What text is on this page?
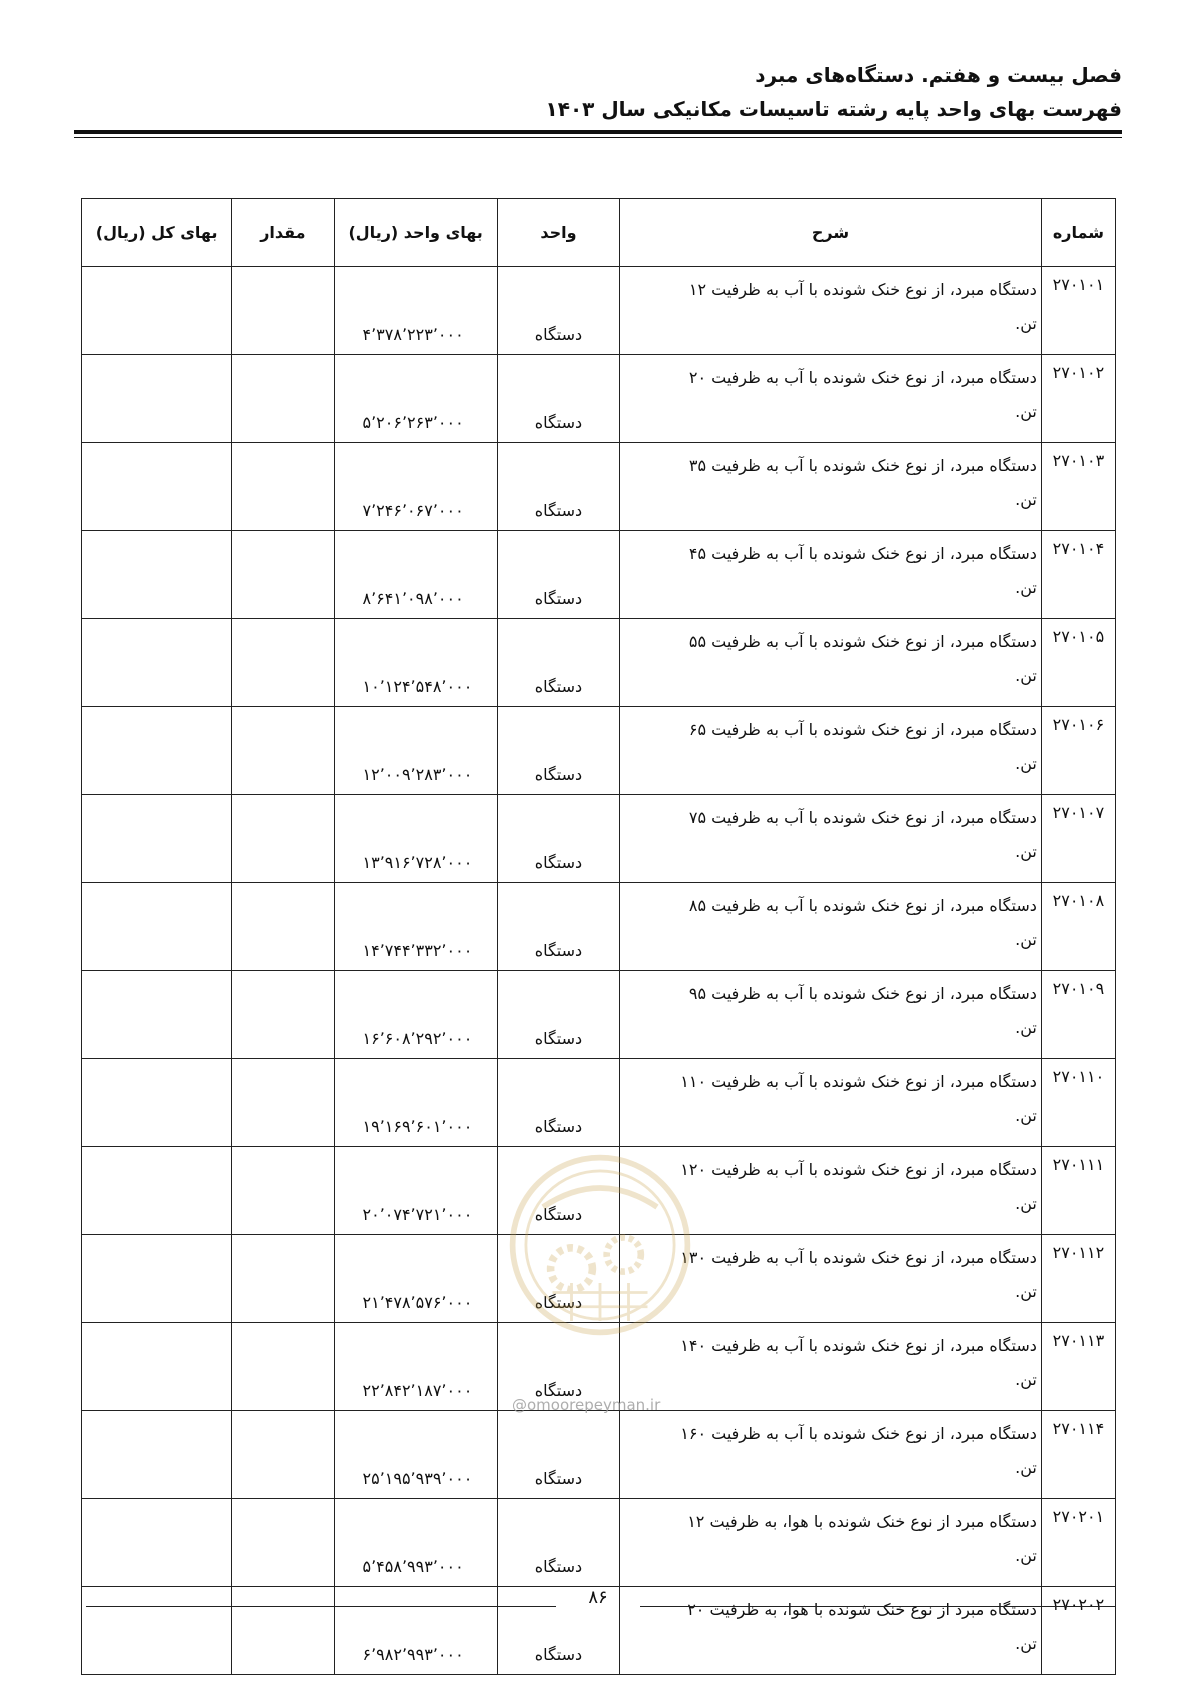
فصل بیست و هفتم. دستگاه‌های مبرد
فهرست بهای واحد پایه رشته تاسیسات مکانیکی سال ۱۴۰۳
شماره	شرح	واحد	بهای واحد (ریال)	مقدار	بهای کل (ریال)
۲۷۰۱۰۱	دستگاه مبرد، از نوع خنک شونده با آب به ظرفیت ۱۲
تن.	دستگاه	۴٬۳۷۸٬۲۲۳٬۰۰۰		
۲۷۰۱۰۲	دستگاه مبرد، از نوع خنک شونده با آب به ظرفیت ۲۰
تن.	دستگاه	۵٬۲۰۶٬۲۶۳٬۰۰۰		
۲۷۰۱۰۳	دستگاه مبرد، از نوع خنک شونده با آب به ظرفیت ۳۵
تن.	دستگاه	۷٬۲۴۶٬۰۶۷٬۰۰۰		
۲۷۰۱۰۴	دستگاه مبرد، از نوع خنک شونده با آب به ظرفیت ۴۵
تن.	دستگاه	۸٬۶۴۱٬۰۹۸٬۰۰۰		
۲۷۰۱۰۵	دستگاه مبرد، از نوع خنک شونده با آب به ظرفیت ۵۵
تن.	دستگاه	۱۰٬۱۲۴٬۵۴۸٬۰۰۰		
۲۷۰۱۰۶	دستگاه مبرد، از نوع خنک شونده با آب به ظرفیت ۶۵
تن.	دستگاه	۱۲٬۰۰۹٬۲۸۳٬۰۰۰		
۲۷۰۱۰۷	دستگاه مبرد، از نوع خنک شونده با آب به ظرفیت ۷۵
تن.	دستگاه	۱۳٬۹۱۶٬۷۲۸٬۰۰۰		
۲۷۰۱۰۸	دستگاه مبرد، از نوع خنک شونده با آب به ظرفیت ۸۵
تن.	دستگاه	۱۴٬۷۴۴٬۳۳۲٬۰۰۰		
۲۷۰۱۰۹	دستگاه مبرد، از نوع خنک شونده با آب به ظرفیت ۹۵
تن.	دستگاه	۱۶٬۶۰۸٬۲۹۲٬۰۰۰		
۲۷۰۱۱۰	دستگاه مبرد، از نوع خنک شونده با آب به ظرفیت ۱۱۰
تن.	دستگاه	۱۹٬۱۶۹٬۶۰۱٬۰۰۰		
۲۷۰۱۱۱	دستگاه مبرد، از نوع خنک شونده با آب به ظرفیت ۱۲۰
تن.	دستگاه	۲۰٬۰۷۴٬۷۲۱٬۰۰۰		
۲۷۰۱۱۲	دستگاه مبرد، از نوع خنک شونده با آب به ظرفیت ۱۳۰
تن.	دستگاه	۲۱٬۴۷۸٬۵۷۶٬۰۰۰		
۲۷۰۱۱۳	دستگاه مبرد، از نوع خنک شونده با آب به ظرفیت ۱۴۰
تن.	دستگاه	۲۲٬۸۴۲٬۱۸۷٬۰۰۰		
۲۷۰۱۱۴	دستگاه مبرد، از نوع خنک شونده با آب به ظرفیت ۱۶۰
تن.	دستگاه	۲۵٬۱۹۵٬۹۳۹٬۰۰۰		
۲۷۰۲۰۱	دستگاه مبرد از نوع خنک شونده با هوا، به ظرفیت ۱۲
تن.	دستگاه	۵٬۴۵۸٬۹۹۳٬۰۰۰		
۲۷۰۲۰۲	دستگاه مبرد از نوع خنک شونده با هوا، به ظرفیت ۲۰
تن.	دستگاه	۶٬۹۸۲٬۹۹۳٬۰۰۰		
۸۶
@omoorepeyman.ir
